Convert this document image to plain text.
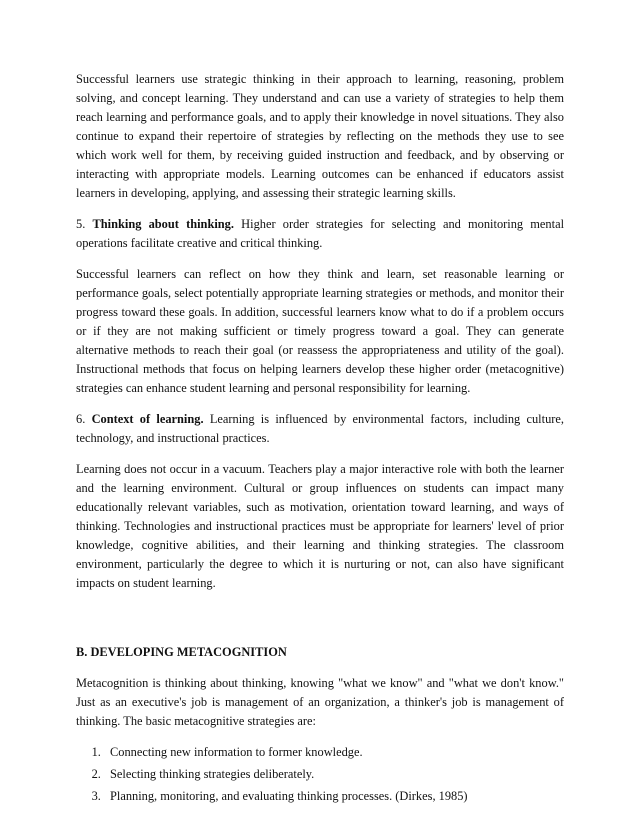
Successful learners use strategic thinking in their approach to learning, reasoning, problem solving, and concept learning. They understand and can use a variety of strategies to help them reach learning and performance goals, and to apply their knowledge in novel situations. They also continue to expand their repertoire of strategies by reflecting on the methods they use to see which work well for them, by receiving guided instruction and feedback, and by observing or interacting with appropriate models. Learning outcomes can be enhanced if educators assist learners in developing, applying, and assessing their strategic learning skills.

5. Thinking about thinking. Higher order strategies for selecting and monitoring mental operations facilitate creative and critical thinking.

Successful learners can reflect on how they think and learn, set reasonable learning or performance goals, select potentially appropriate learning strategies or methods, and monitor their progress toward these goals. In addition, successful learners know what to do if a problem occurs or if they are not making sufficient or timely progress toward a goal. They can generate alternative methods to reach their goal (or reassess the appropriateness and utility of the goal). Instructional methods that focus on helping learners develop these higher order (metacognitive) strategies can enhance student learning and personal responsibility for learning.

6. Context of learning. Learning is influenced by environmental factors, including culture, technology, and instructional practices.

Learning does not occur in a vacuum. Teachers play a major interactive role with both the learner and the learning environment. Cultural or group influences on students can impact many educationally relevant variables, such as motivation, orientation toward learning, and ways of thinking. Technologies and instructional practices must be appropriate for learners' level of prior knowledge, cognitive abilities, and their learning and thinking strategies. The classroom environment, particularly the degree to which it is nurturing or not, can also have significant impacts on student learning.

B. DEVELOPING METACOGNITION

Metacognition is thinking about thinking, knowing "what we know" and "what we don't know." Just as an executive's job is management of an organization, a thinker's job is management of thinking. The basic metacognitive strategies are:

1. Connecting new information to former knowledge.
2. Selecting thinking strategies deliberately.
3. Planning, monitoring, and evaluating thinking processes. (Dirkes, 1985)
